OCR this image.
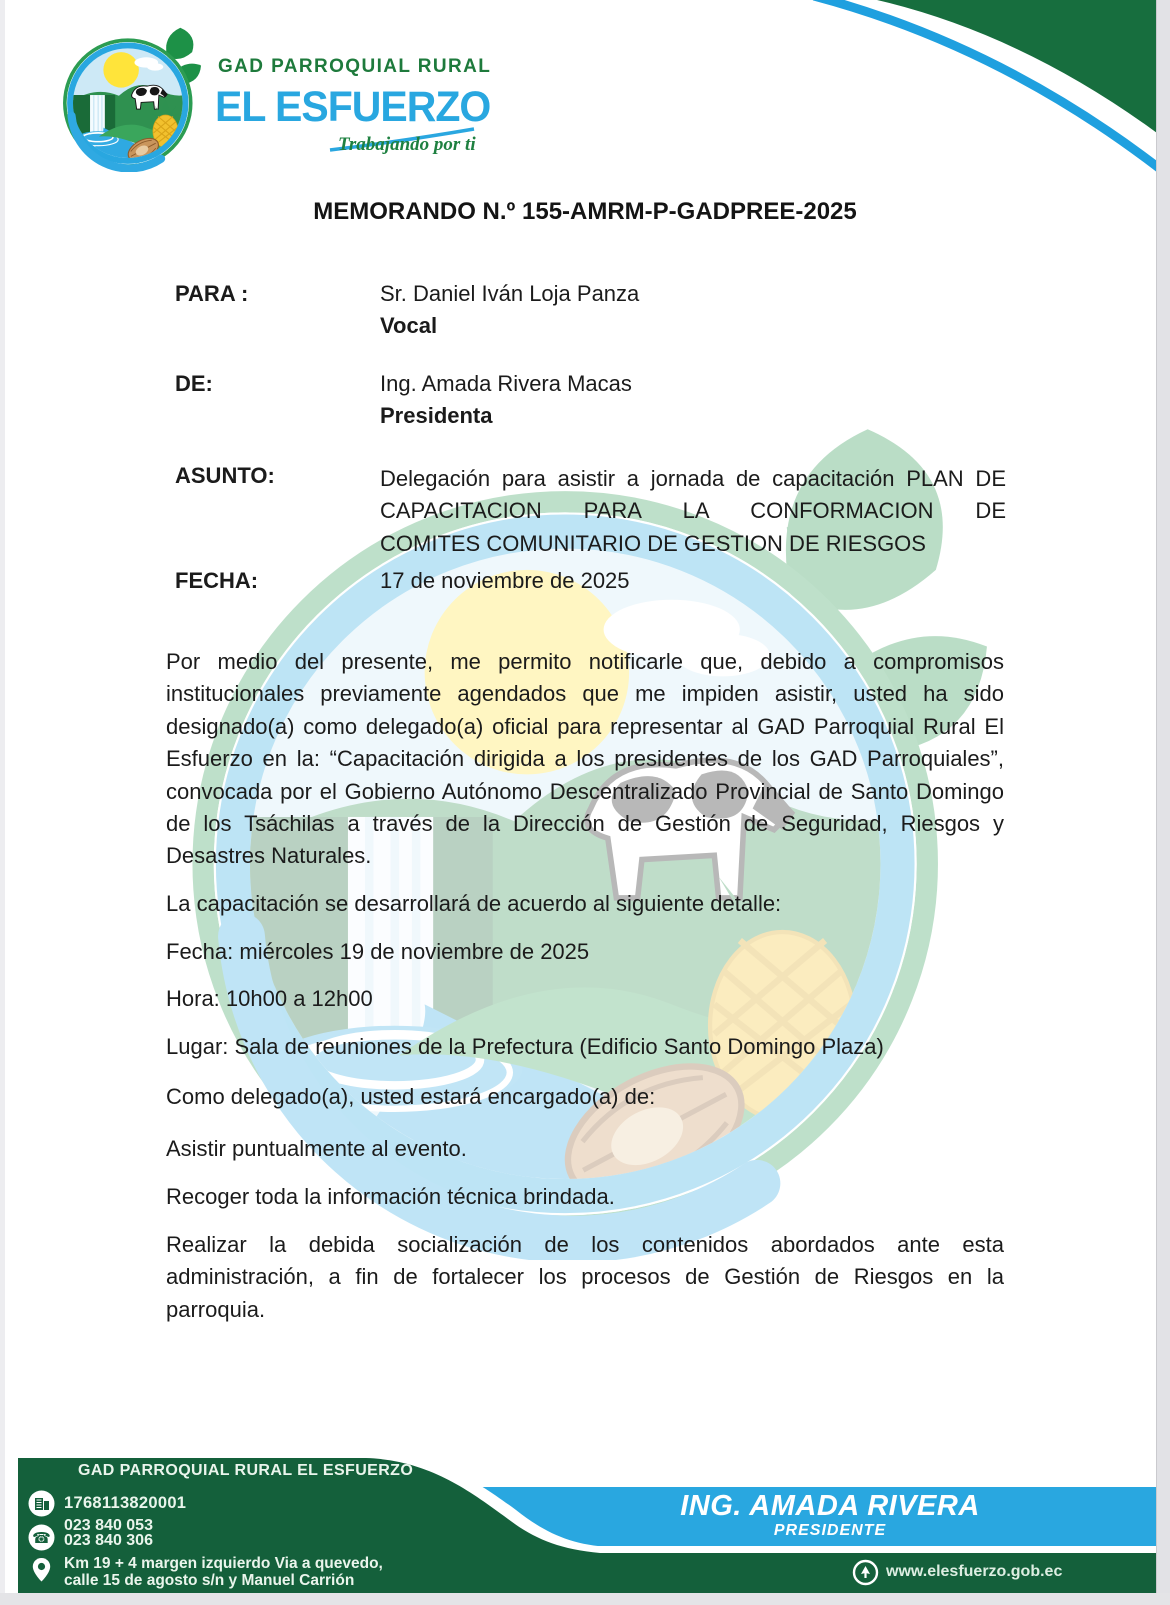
GAD PARROQUIAL RURAL
EL ESFUERZO
Trabajando por ti
MEMORANDO N.º 155-AMRM-P-GADPREE-2025
PARA :	Sr. Daniel Iván Loja Panza
Vocal
DE:	Ing. Amada Rivera Macas
Presidenta
ASUNTO:	Delegación para asistir a jornada de capacitación PLAN DE
CAPACITACION PARA LA CONFORMACION DE
COMITES COMUNITARIO DE GESTION DE RIESGOS
FECHA:	17 de noviembre de 2025
Por medio del presente, me permito notificarle que, debido a compromisos institucionales previamente agendados que me impiden asistir, usted ha sido designado(a) como delegado(a) oficial para representar al GAD Parroquial Rural El Esfuerzo en la: “Capacitación dirigida a los presidentes de los GAD Parroquiales”, convocada por el Gobierno Autónomo Descentralizado Provincial de Santo Domingo de los Tsáchilas a través de la Dirección de Gestión de Seguridad, Riesgos y Desastres Naturales.
La capacitación se desarrollará de acuerdo al siguiente detalle:
Fecha: miércoles 19 de noviembre de 2025
Hora: 10h00 a 12h00
Lugar: Sala de reuniones de la Prefectura (Edificio Santo Domingo Plaza)
Como delegado(a), usted estará encargado(a) de:
Asistir puntualmente al evento.
Recoger toda la información técnica brindada.
Realizar la debida socialización de los contenidos abordados ante esta administración, a fin de fortalecer los procesos de Gestión de Riesgos en la parroquia.
GAD PARROQUIAL RURAL EL ESFUERZO
1768113820001
☎
023 840 053
023 840 306
Km 19 + 4 margen izquierdo Via a quevedo,
calle 15 de agosto s/n y Manuel Carrión
ING. AMADA RIVERA
PRESIDENTE
www.elesfuerzo.gob.ec
